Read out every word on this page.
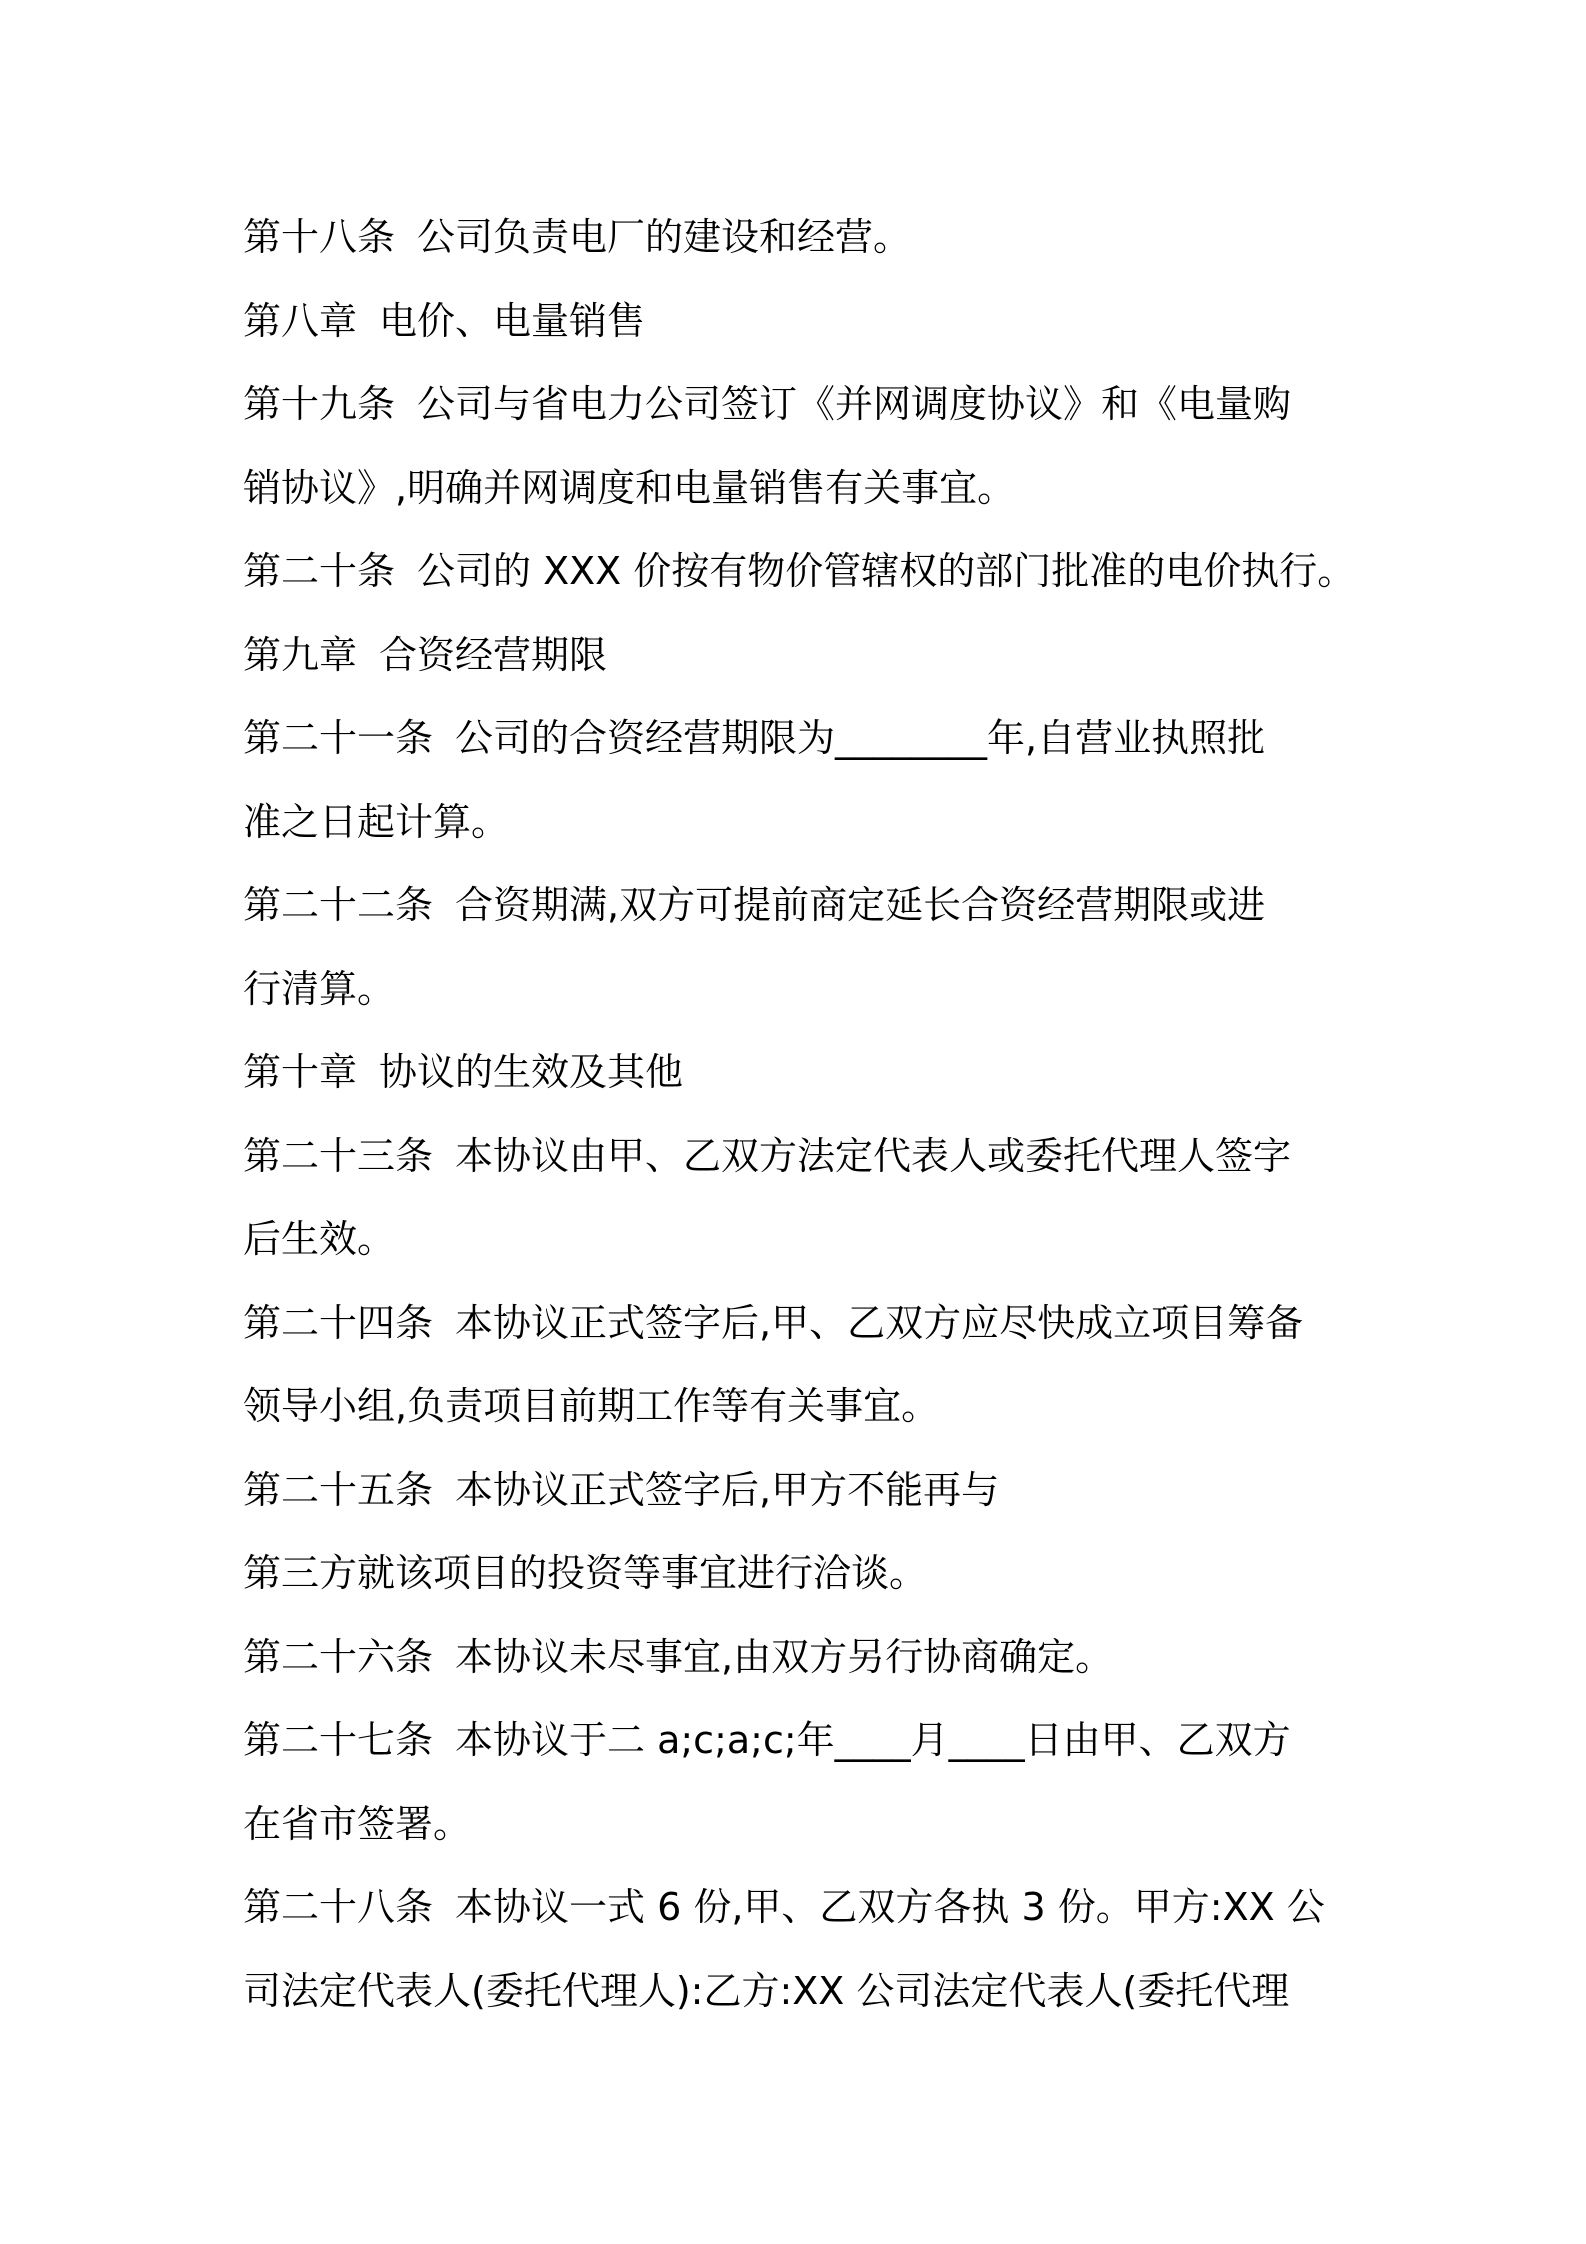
第十八条 公司负责电厂的建设和经营。
第八章 电价、电量销售
第十九条 公司与省电力公司签订《并网调度协议》和《电量购
销协议》,明确并网调度和电量销售有关事宜。
第二十条 公司的 XXX 价按有物价管辖权的部门批准的电价执行。
第九章 合资经营期限
第二十一条 公司的合资经营期限为________年,自营业执照批
准之日起计算。
第二十二条 合资期满,双方可提前商定延长合资经营期限或进
行清算。
第十章 协议的生效及其他
第二十三条 本协议由甲、乙双方法定代表人或委托代理人签字
后生效。
第二十四条 本协议正式签字后,甲、乙双方应尽快成立项目筹备
领导小组,负责项目前期工作等有关事宜。
第二十五条 本协议正式签字后,甲方不能再与
第三方就该项目的投资等事宜进行洽谈。
第二十六条 本协议未尽事宜,由双方另行协商确定。
第二十七条 本协议于二 a;c;a;c;年____月____日由甲、乙双方
在省市签署。
第二十八条 本协议一式 6 份,甲、乙双方各执 3 份。甲方:XX 公
司法定代表人(委托代理人):乙方:XX 公司法定代表人(委托代理
